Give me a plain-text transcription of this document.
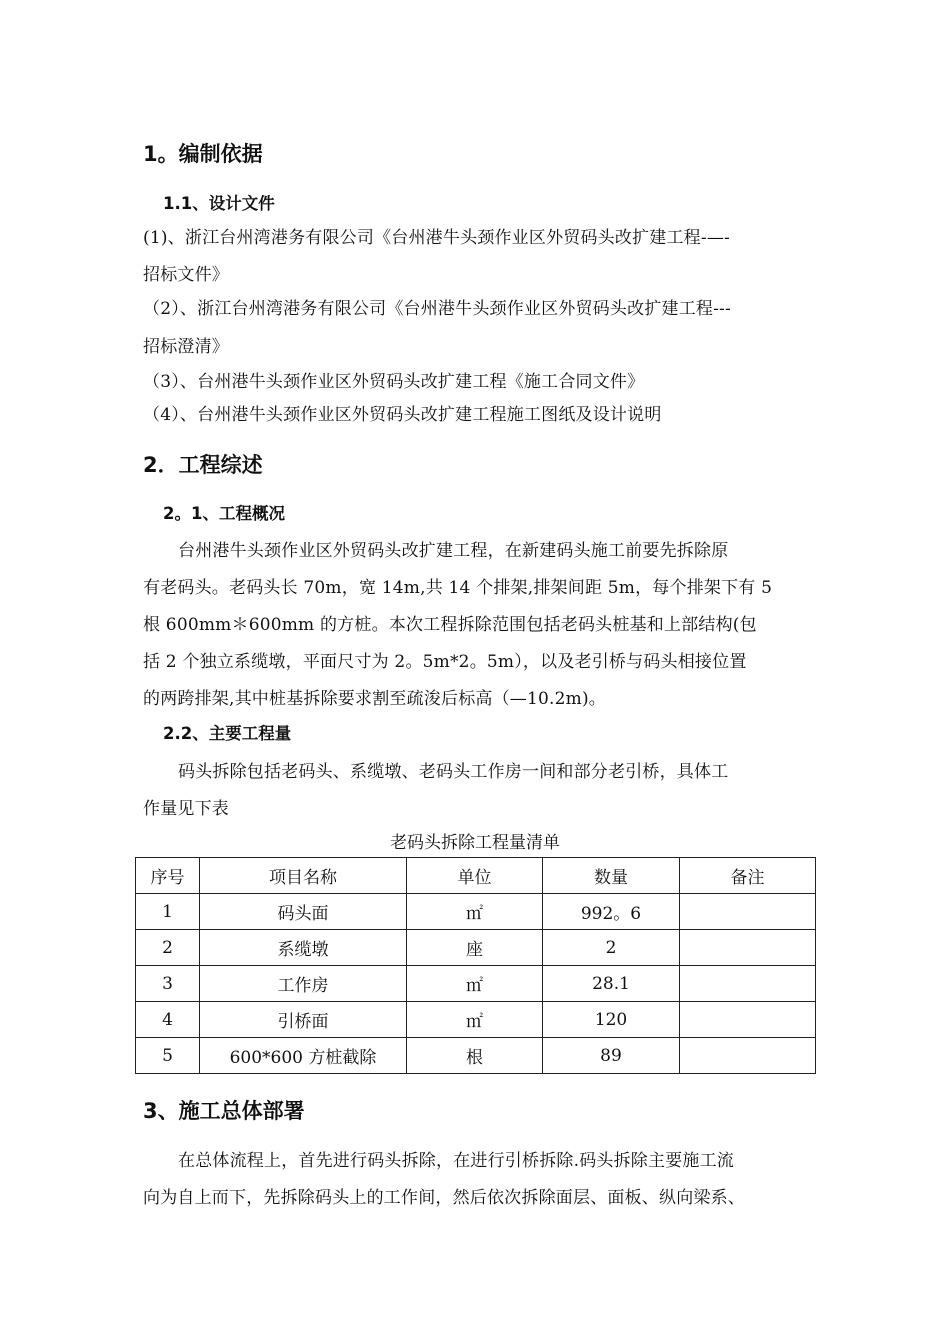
1。编制依据
1.1、设计文件
(1)、浙江台州湾港务有限公司《台州港牛头颈作业区外贸码头改扩建工程-—-
招标文件》
（2）、浙江台州湾港务有限公司《台州港牛头颈作业区外贸码头改扩建工程---
招标澄清》
（3）、台州港牛头颈作业区外贸码头改扩建工程《施工合同文件》
（4）、台州港牛头颈作业区外贸码头改扩建工程施工图纸及设计说明
2．工程综述
2。1、工程概况
台州港牛头颈作业区外贸码头改扩建工程，在新建码头施工前要先拆除原
有老码头。老码头长 70m，宽 14m,共 14 个排架,排架间距 5m，每个排架下有 5
根 600mm＊600mm 的方桩。本次工程拆除范围包括老码头桩基和上部结构(包
括 2 个独立系缆墩，平面尺寸为 2。5m*2。5m），以及老引桥与码头相接位置
的两跨排架,其中桩基拆除要求割至疏浚后标高（—10.2m)。
2.2、主要工程量
码头拆除包括老码头、系缆墩、老码头工作房一间和部分老引桥，具体工
作量见下表
老码头拆除工程量清单
序号	项目名称	单位	数量	备注
1	码头面	㎡	992。6	
2	系缆墩	座	2	
3	工作房	㎡	28.1	
4	引桥面	㎡	120	
5	600*600 方桩截除	根	89	
3、施工总体部署
在总体流程上，首先进行码头拆除，在进行引桥拆除.码头拆除主要施工流
向为自上而下，先拆除码头上的工作间，然后依次拆除面层、面板、纵向梁系、
